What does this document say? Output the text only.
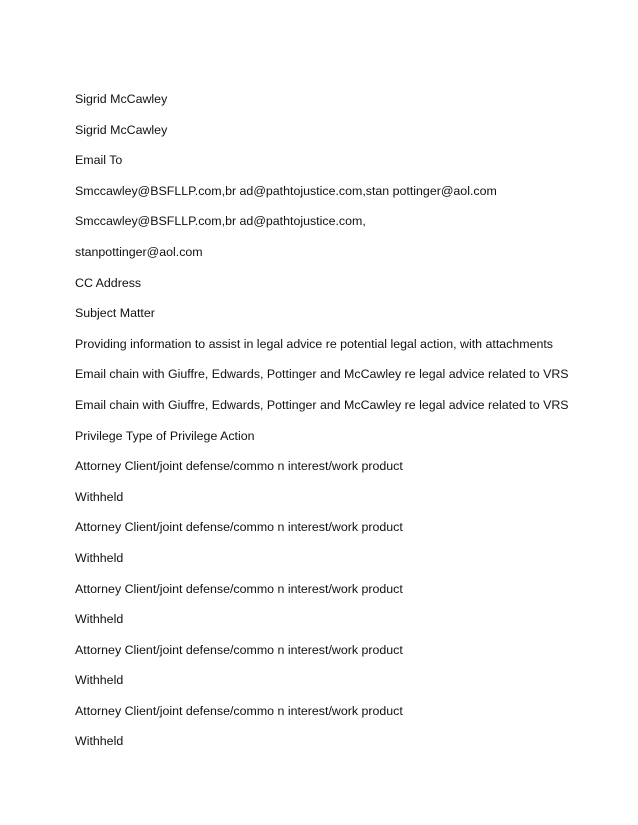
Sigrid McCawley
Sigrid McCawley
Email To
Smccawley@BSFLLP.com,br ad@pathtojustice.com,stan pottinger@aol.com
Smccawley@BSFLLP.com,br ad@pathtojustice.com,
stanpottinger@aol.com
CC Address
Subject Matter
Providing information to assist in legal advice re potential legal action, with attachments
Email chain with Giuffre, Edwards, Pottinger and McCawley re legal advice related to VRS
Email chain with Giuffre, Edwards, Pottinger and McCawley re legal advice related to VRS
Privilege Type of Privilege Action
Attorney Client/joint defense/commo n interest/work product
Withheld
Attorney Client/joint defense/commo n interest/work product
Withheld
Attorney Client/joint defense/commo n interest/work product
Withheld
Attorney Client/joint defense/commo n interest/work product
Withheld
Attorney Client/joint defense/commo n interest/work product
Withheld
